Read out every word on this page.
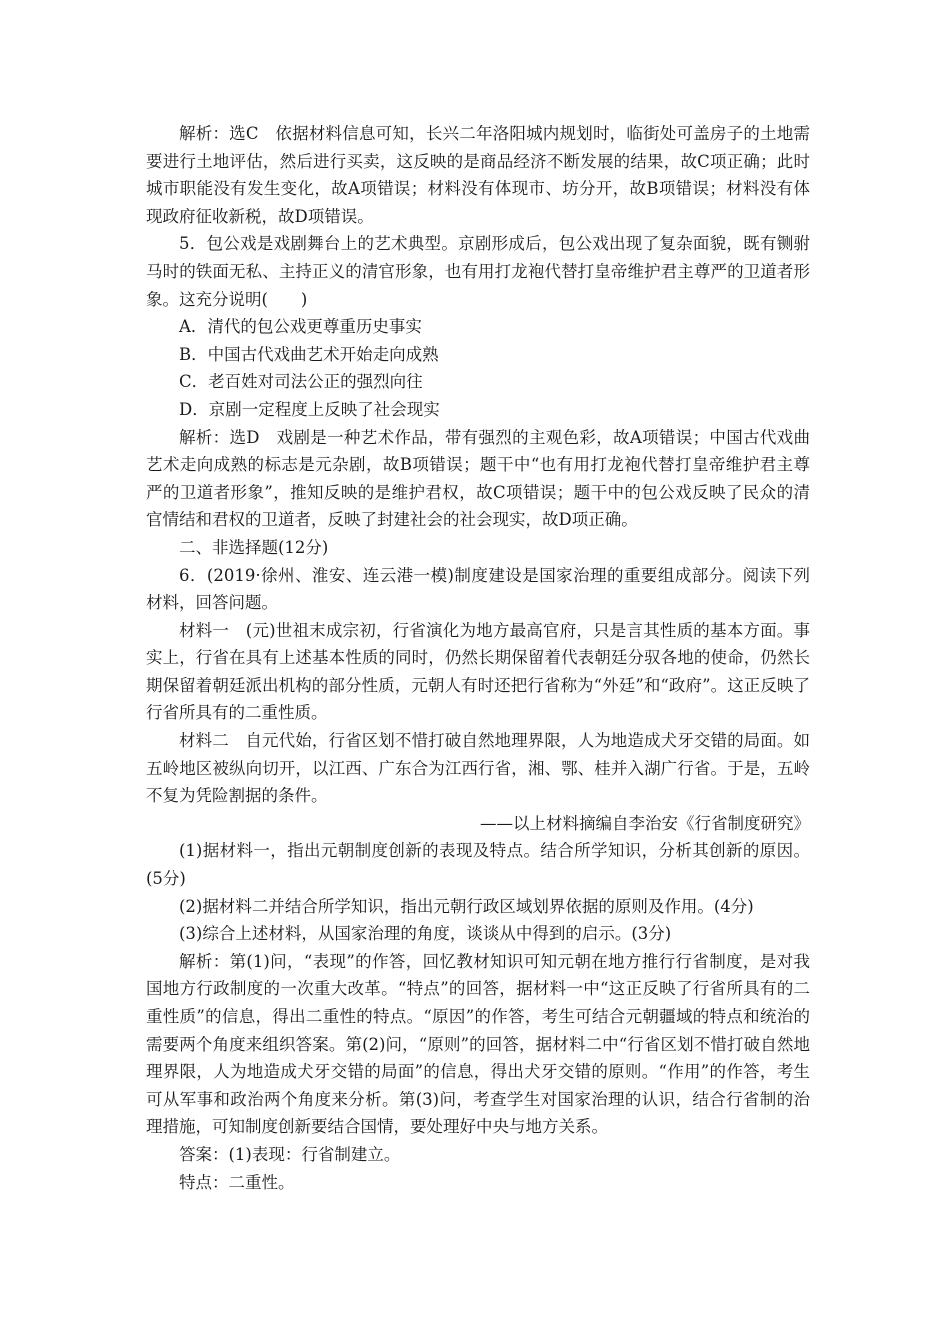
解析：选C　依据材料信息可知，长兴二年洛阳城内规划时，临街处可盖房子的土地需要进行土地评估，然后进行买卖，这反映的是商品经济不断发展的结果，故C项正确；此时城市职能没有发生变化，故A项错误；材料没有体现市、坊分开，故B项错误；材料没有体现政府征收新税，故D项错误。

5．包公戏是戏剧舞台上的艺术典型。京剧形成后，包公戏出现了复杂面貌，既有铡驸马时的铁面无私、主持正义的清官形象，也有用打龙袍代替打皇帝维护君主尊严的卫道者形象。这充分说明(　　)

A．清代的包公戏更尊重历史事实

B．中国古代戏曲艺术开始走向成熟

C．老百姓对司法公正的强烈向往

D．京剧一定程度上反映了社会现实

解析：选D　戏剧是一种艺术作品，带有强烈的主观色彩，故A项错误；中国古代戏曲艺术走向成熟的标志是元杂剧，故B项错误；题干中“也有用打龙袍代替打皇帝维护君主尊严的卫道者形象”，推知反映的是维护君权，故C项错误；题干中的包公戏反映了民众的清官情结和君权的卫道者，反映了封建社会的社会现实，故D项正确。

二、非选择题(12分)

6．(2019·徐州、淮安、连云港一模)制度建设是国家治理的重要组成部分。阅读下列材料，回答问题。

材料一　(元)世祖末成宗初，行省演化为地方最高官府，只是言其性质的基本方面。事实上，行省在具有上述基本性质的同时，仍然长期保留着代表朝廷分驭各地的使命，仍然长期保留着朝廷派出机构的部分性质，元朝人有时还把行省称为“外廷”和“政府”。这正反映了行省所具有的二重性质。

材料二　自元代始，行省区划不惜打破自然地理界限，人为地造成犬牙交错的局面。如五岭地区被纵向切开，以江西、广东合为江西行省，湘、鄂、桂并入湖广行省。于是，五岭不复为凭险割据的条件。

——以上材料摘编自李治安《行省制度研究》

(1)据材料一，指出元朝制度创新的表现及特点。结合所学知识，分析其创新的原因。(5分)

(2)据材料二并结合所学知识，指出元朝行政区域划界依据的原则及作用。(4分)

(3)综合上述材料，从国家治理的角度，谈谈从中得到的启示。(3分)

解析：第(1)问，“表现”的作答，回忆教材知识可知元朝在地方推行行省制度，是对我国地方行政制度的一次重大改革。“特点”的回答，据材料一中“这正反映了行省所具有的二重性质”的信息，得出二重性的特点。“原因”的作答，考生可结合元朝疆域的特点和统治的需要两个角度来组织答案。第(2)问，“原则”的回答，据材料二中“行省区划不惜打破自然地理界限，人为地造成犬牙交错的局面”的信息，得出犬牙交错的原则。“作用”的作答，考生可从军事和政治两个角度来分析。第(3)问，考查学生对国家治理的认识，结合行省制的治理措施，可知制度创新要结合国情，要处理好中央与地方关系。

答案：(1)表现：行省制建立。

特点：二重性。
